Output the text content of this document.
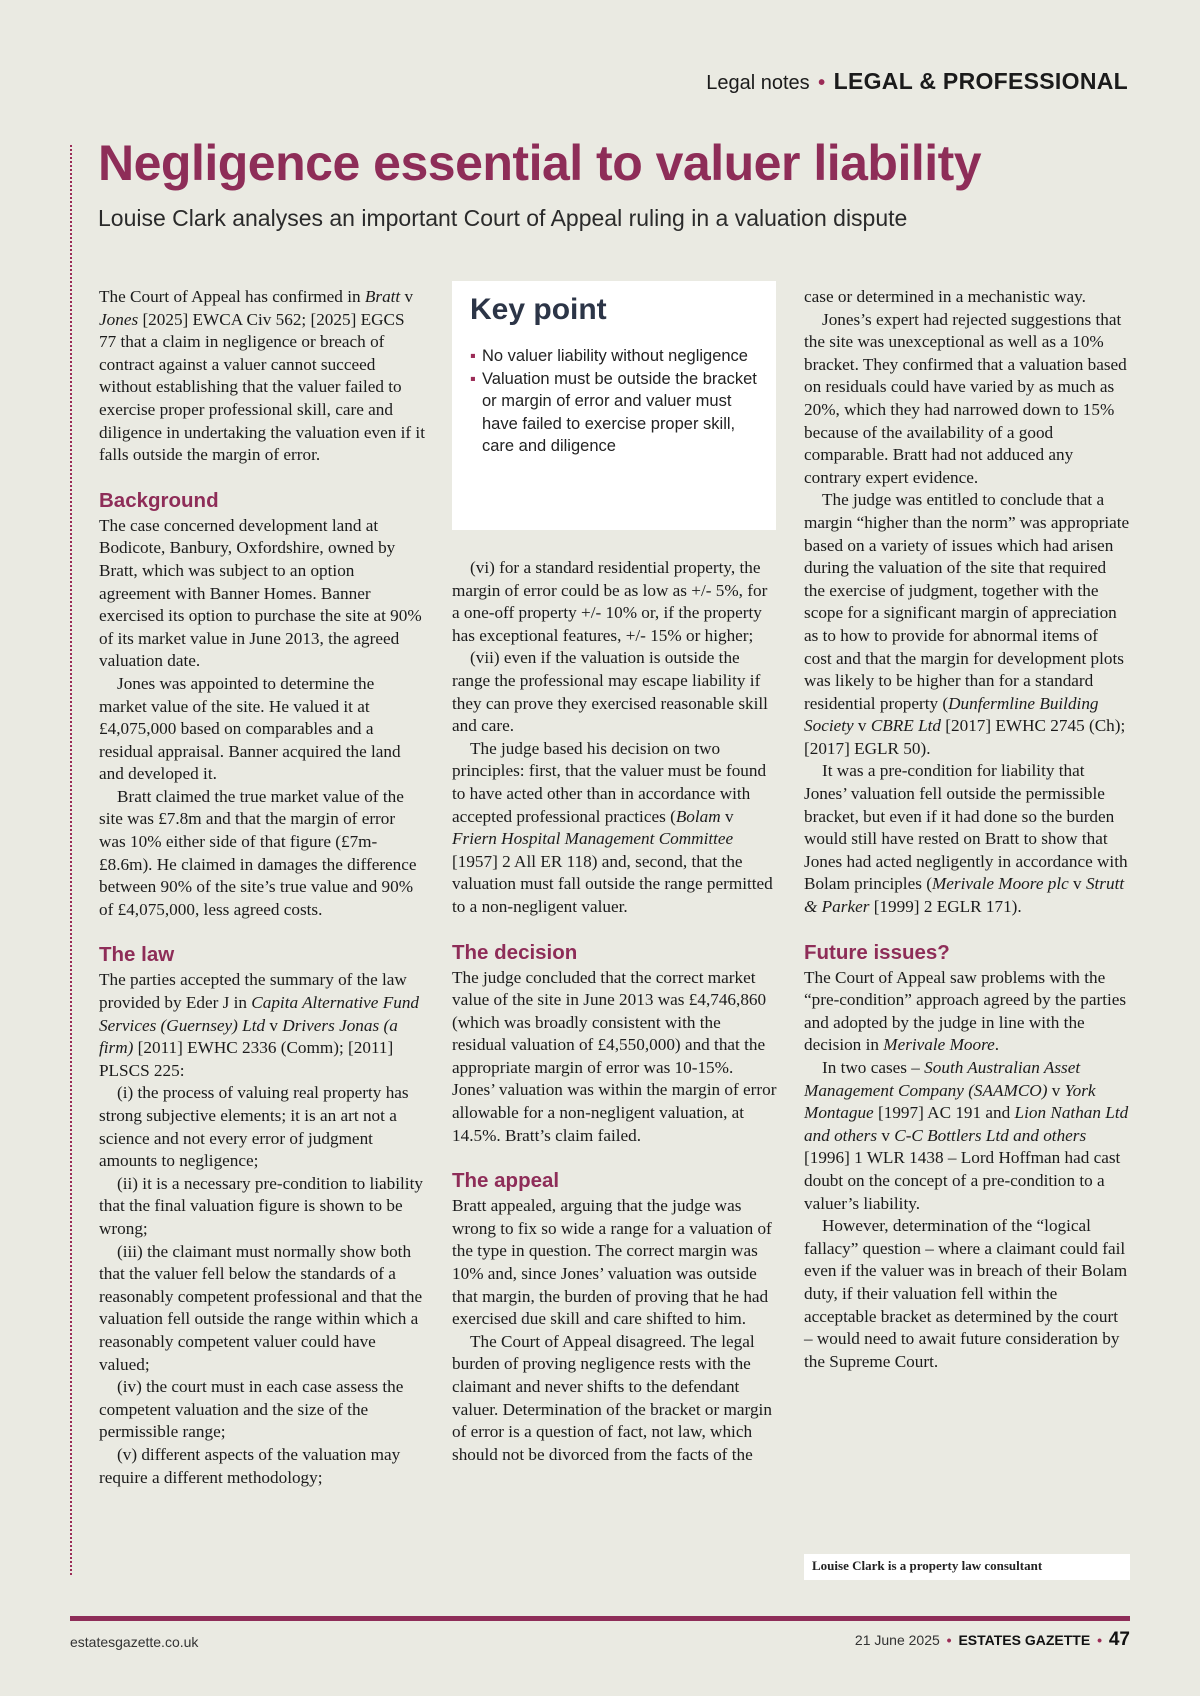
Legal notes • LEGAL & PROFESSIONAL
Negligence essential to valuer liability
Louise Clark analyses an important Court of Appeal ruling in a valuation dispute

The Court of Appeal has confirmed in Bratt v Jones [2025] EWCA Civ 562; [2025] EGCS 77 that a claim in negligence or breach of contract against a valuer cannot succeed without establishing that the valuer failed to exercise proper professional skill, care and diligence in undertaking the valuation even if it falls outside the margin of error.

Background

The case concerned development land at Bodicote, Banbury, Oxfordshire, owned by Bratt, which was subject to an option agreement with Banner Homes. Banner exercised its option to purchase the site at 90% of its market value in June 2013, the agreed valuation date.

Jones was appointed to determine the market value of the site. He valued it at £4,075,000 based on comparables and a residual appraisal. Banner acquired the land and developed it.

Bratt claimed the true market value of the site was £7.8m and that the margin of error was 10% either side of that figure (£7m-£8.6m). He claimed in damages the difference between 90% of the site’s true value and 90% of £4,075,000, less agreed costs.

The law

The parties accepted the summary of the law provided by Eder J in Capita Alternative Fund Services (Guernsey) Ltd v Drivers Jonas (a firm) [2011] EWHC 2336 (Comm); [2011] PLSCS 225:

(i) the process of valuing real property has strong subjective elements; it is an art not a science and not every error of judgment amounts to negligence;

(ii) it is a necessary pre-condition to liability that the final valuation figure is shown to be wrong;

(iii) the claimant must normally show both that the valuer fell below the standards of a reasonably competent professional and that the valuation fell outside the range within which a reasonably competent valuer could have valued;

(iv) the court must in each case assess the competent valuation and the size of the permissible range;

(v) different aspects of the valuation may require a different methodology;

Key point
▪ No valuer liability without negligence
▪ Valuation must be outside the bracket or margin of error and valuer must have failed to exercise proper skill, care and diligence

(vi) for a standard residential property, the margin of error could be as low as +/- 5%, for a one-off property +/- 10% or, if the property has exceptional features, +/- 15% or higher;

(vii) even if the valuation is outside the range the professional may escape liability if they can prove they exercised reasonable skill and care.

The judge based his decision on two principles: first, that the valuer must be found to have acted other than in accordance with accepted professional practices (Bolam v Friern Hospital Management Committee [1957] 2 All ER 118) and, second, that the valuation must fall outside the range permitted to a non-negligent valuer.

The decision

The judge concluded that the correct market value of the site in June 2013 was £4,746,860 (which was broadly consistent with the residual valuation of £4,550,000) and that the appropriate margin of error was 10-15%. Jones’ valuation was within the margin of error allowable for a non-negligent valuation, at 14.5%. Bratt’s claim failed.

The appeal

Bratt appealed, arguing that the judge was wrong to fix so wide a range for a valuation of the type in question. The correct margin was 10% and, since Jones’ valuation was outside that margin, the burden of proving that he had exercised due skill and care shifted to him.

The Court of Appeal disagreed. The legal burden of proving negligence rests with the claimant and never shifts to the defendant valuer. Determination of the bracket or margin of error is a question of fact, not law, which should not be divorced from the facts of the

case or determined in a mechanistic way.

Jones’s expert had rejected suggestions that the site was unexceptional as well as a 10% bracket. They confirmed that a valuation based on residuals could have varied by as much as 20%, which they had narrowed down to 15% because of the availability of a good comparable. Bratt had not adduced any contrary expert evidence.

The judge was entitled to conclude that a margin “higher than the norm” was appropriate based on a variety of issues which had arisen during the valuation of the site that required the exercise of judgment, together with the scope for a significant margin of appreciation as to how to provide for abnormal items of cost and that the margin for development plots was likely to be higher than for a standard residential property (Dunfermline Building Society v CBRE Ltd [2017] EWHC 2745 (Ch); [2017] EGLR 50).

It was a pre-condition for liability that Jones’ valuation fell outside the permissible bracket, but even if it had done so the burden would still have rested on Bratt to show that Jones had acted negligently in accordance with Bolam principles (Merivale Moore plc v Strutt & Parker [1999] 2 EGLR 171).

Future issues?

The Court of Appeal saw problems with the “pre-condition” approach agreed by the parties and adopted by the judge in line with the decision in Merivale Moore.

In two cases – South Australian Asset Management Company (SAAMCO) v York Montague [1997] AC 191 and Lion Nathan Ltd and others v C-C Bottlers Ltd and others [1996] 1 WLR 1438 – Lord Hoffman had cast doubt on the concept of a pre-condition to a valuer’s liability.

However, determination of the “logical fallacy” question – where a claimant could fail even if the valuer was in breach of their Bolam duty, if their valuation fell within the acceptable bracket as determined by the court – would need to await future consideration by the Supreme Court.

Louise Clark is a property law consultant
estatesgazette.co.uk	21 June 2025 • ESTATES GAZETTE • 47
